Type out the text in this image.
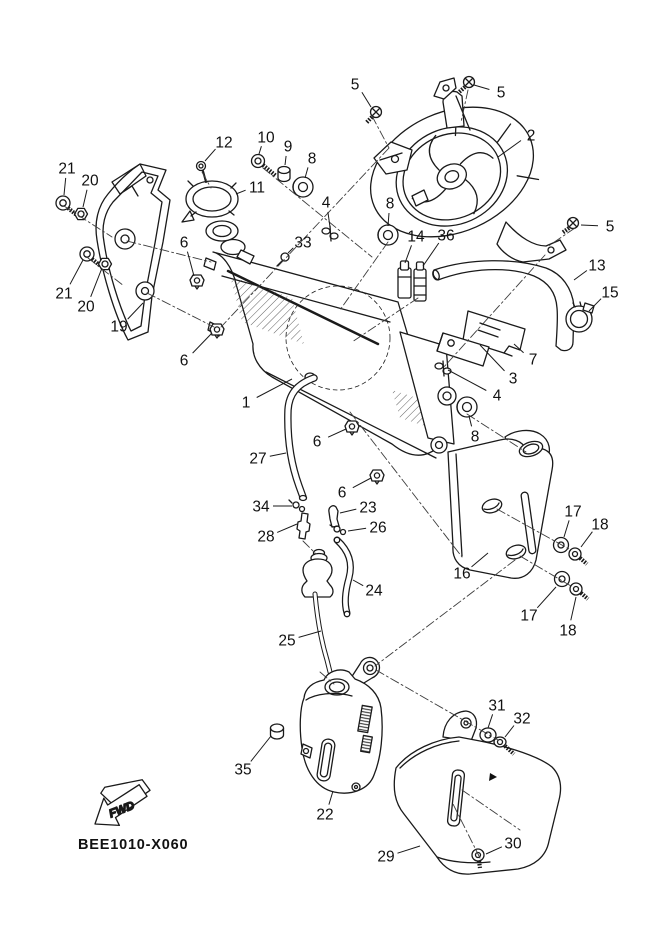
FWD
BEE1010-X060
1
2
3
4
4
5	5
5
6
6
6
6
7
8
8
8
9
10
11
12
13
14
15
16
17
17
18
18
19
20
20
21
21
22
23
24
25
26
27
28
29
30
31
32
33
34
35
36
